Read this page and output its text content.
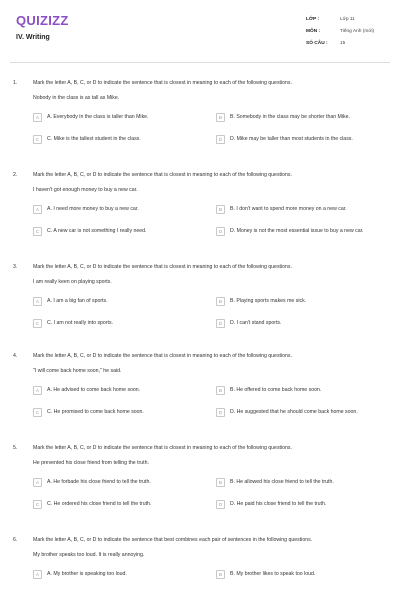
QUIZIZZ
IV. Writing
LỚP :	Lớp 11
MÔN :	Tiếng Anh (mới)
SỐ CÂU :	15
1.	Mark the letter A, B, C, or D to indicate the sentence that is closest in meaning to each of the following questions.
Nobody in the class is as tall as Mike.
A	A. Everybody in the class is taller than Mike.	B	B. Somebody in the class may be shorter than Mike.
C	C. Mike is the tallest student in the class.	D	D. Mike may be taller than most students in the class.
2.	Mark the letter A, B, C, or D to indicate the sentence that is closest in meaning to each of the following questions.
I haven't got enough money to buy a new car.
A	A. I need more money to buy a new car.	B	B. I don't want to spend more money on a new car.
C	C. A new car is not something I really need.	D	D. Money is not the most essential issue to buy a new car.
3.	Mark the letter A, B, C, or D to indicate the sentence that is closest in meaning to each of the following questions.
I am really keen on playing sports.
A	A. I am a big fan of sports.	B	B. Playing sports makes me sick.
C	C. I am not really into sports.	D	D. I can't stand sports.
4.	Mark the letter A, B, C, or D to indicate the sentence that is closest in meaning to each of the following questions.
"I will come back home soon," he said.
A	A. He advised to come back home soon.	B	B. He offered to come back home soon.
C	C. He promised to come back home soon.	D	D. He suggested that he should come back home soon.
5.	Mark the letter A, B, C, or D to indicate the sentence that is closest in meaning to each of the following questions.
He prevented his close friend from telling the truth.
A	A. He forbade his close friend to tell the truth.	B	B. He allowed his close friend to tell the truth.
C	C. He ordered his close friend to tell the truth.	D	D. He paid his close friend to tell the truth.
6.	Mark the letter A, B, C, or D to indicate the sentence that best combines each pair of sentences in the following questions.
My brother speaks too loud. It is really annoying.
A	A. My brother is speaking too loud.	B	B. My brother likes to speak too loud.
